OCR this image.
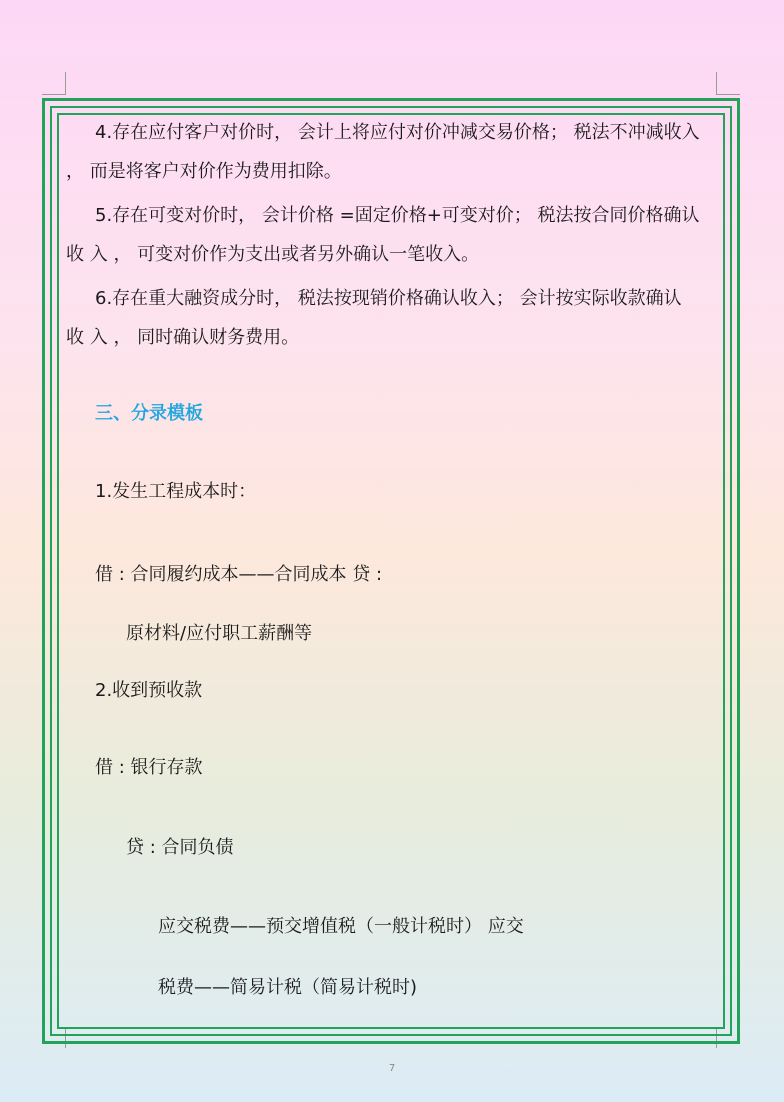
4.存在应付客户对价时， 会计上将应付对价冲减交易价格； 税法不冲减收入
， 而是将客户对价作为费用扣除。
5.存在可变对价时， 会计价格 =固定价格+可变对价； 税法按合同价格确认
收 入 ， 可变对价作为支出或者另外确认一笔收入。
6.存在重大融资成分时， 税法按现销价格确认收入； 会计按实际收款确认
收 入 ， 同时确认财务费用。
三、分录模板
1.发生工程成本时：
借 : 合同履约成本——合同成本 贷 :
原材料/应付职工薪酬等
2.收到预收款
借 : 银行存款
贷 : 合同负债
应交税费——预交增值税（一般计税时） 应交
税费——简易计税（简易计税时)
7
